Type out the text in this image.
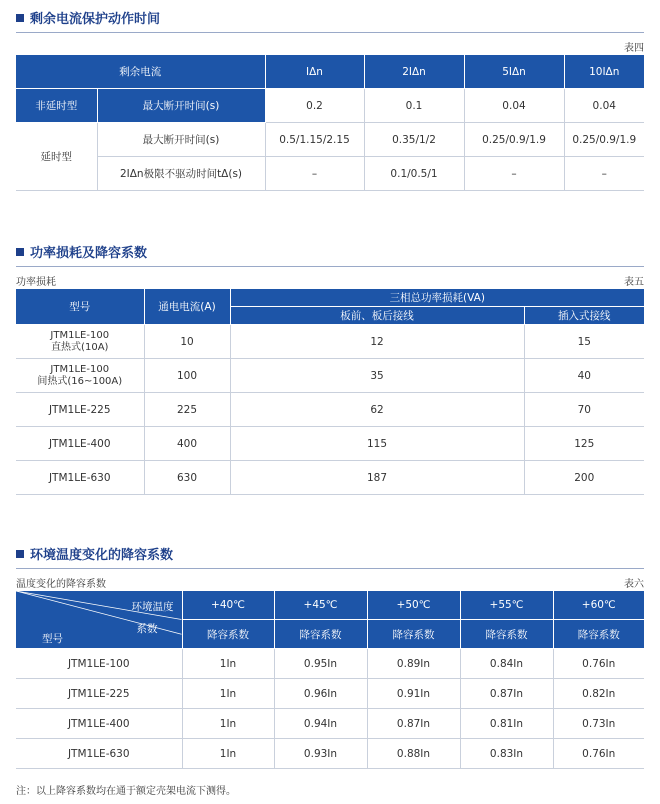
剩余电流保护动作时间
表四
剩余电流		IΔn	2IΔn	5IΔn	10IΔn
非延时型	最大断开时间(s)	0.2	0.1	0.04	0.04
延时型	最大断开时间(s)	0.5/1.15/2.15	0.35/1/2	0.25/0.9/1.9	0.25/0.9/1.9
	2IΔn极限不驱动时间tΔ(s)	–	0.1/0.5/1	–	–
功率损耗及降容系数
功率损耗	表五
型号	通电电流(A)	三相总功率损耗(VA)	
		板前、板后接线	插入式接线

JTM1LE-100
直热式(10A)	10	12	15

JTM1LE-100
间热式(16~100A)	100	35	40
JTM1LE-225	225	62	70
JTM1LE-400	400	115	125
JTM1LE-630	630	187	200
环境温度变化的降容系数
温度变化的降容系数	表六
环境温度
系数
型号	+40℃	+45℃	+50℃	+55℃	+60℃
	降容系数	降容系数	降容系数	降容系数	降容系数
JTM1LE-100	1In	0.95In	0.89In	0.84In	0.76In
JTM1LE-225	1In	0.96In	0.91In	0.87In	0.82In
JTM1LE-400	1In	0.94In	0.87In	0.81In	0.73In
JTM1LE-630	1In	0.93In	0.88In	0.83In	0.76In
注：以上降容系数均在通于额定壳架电流下测得。
